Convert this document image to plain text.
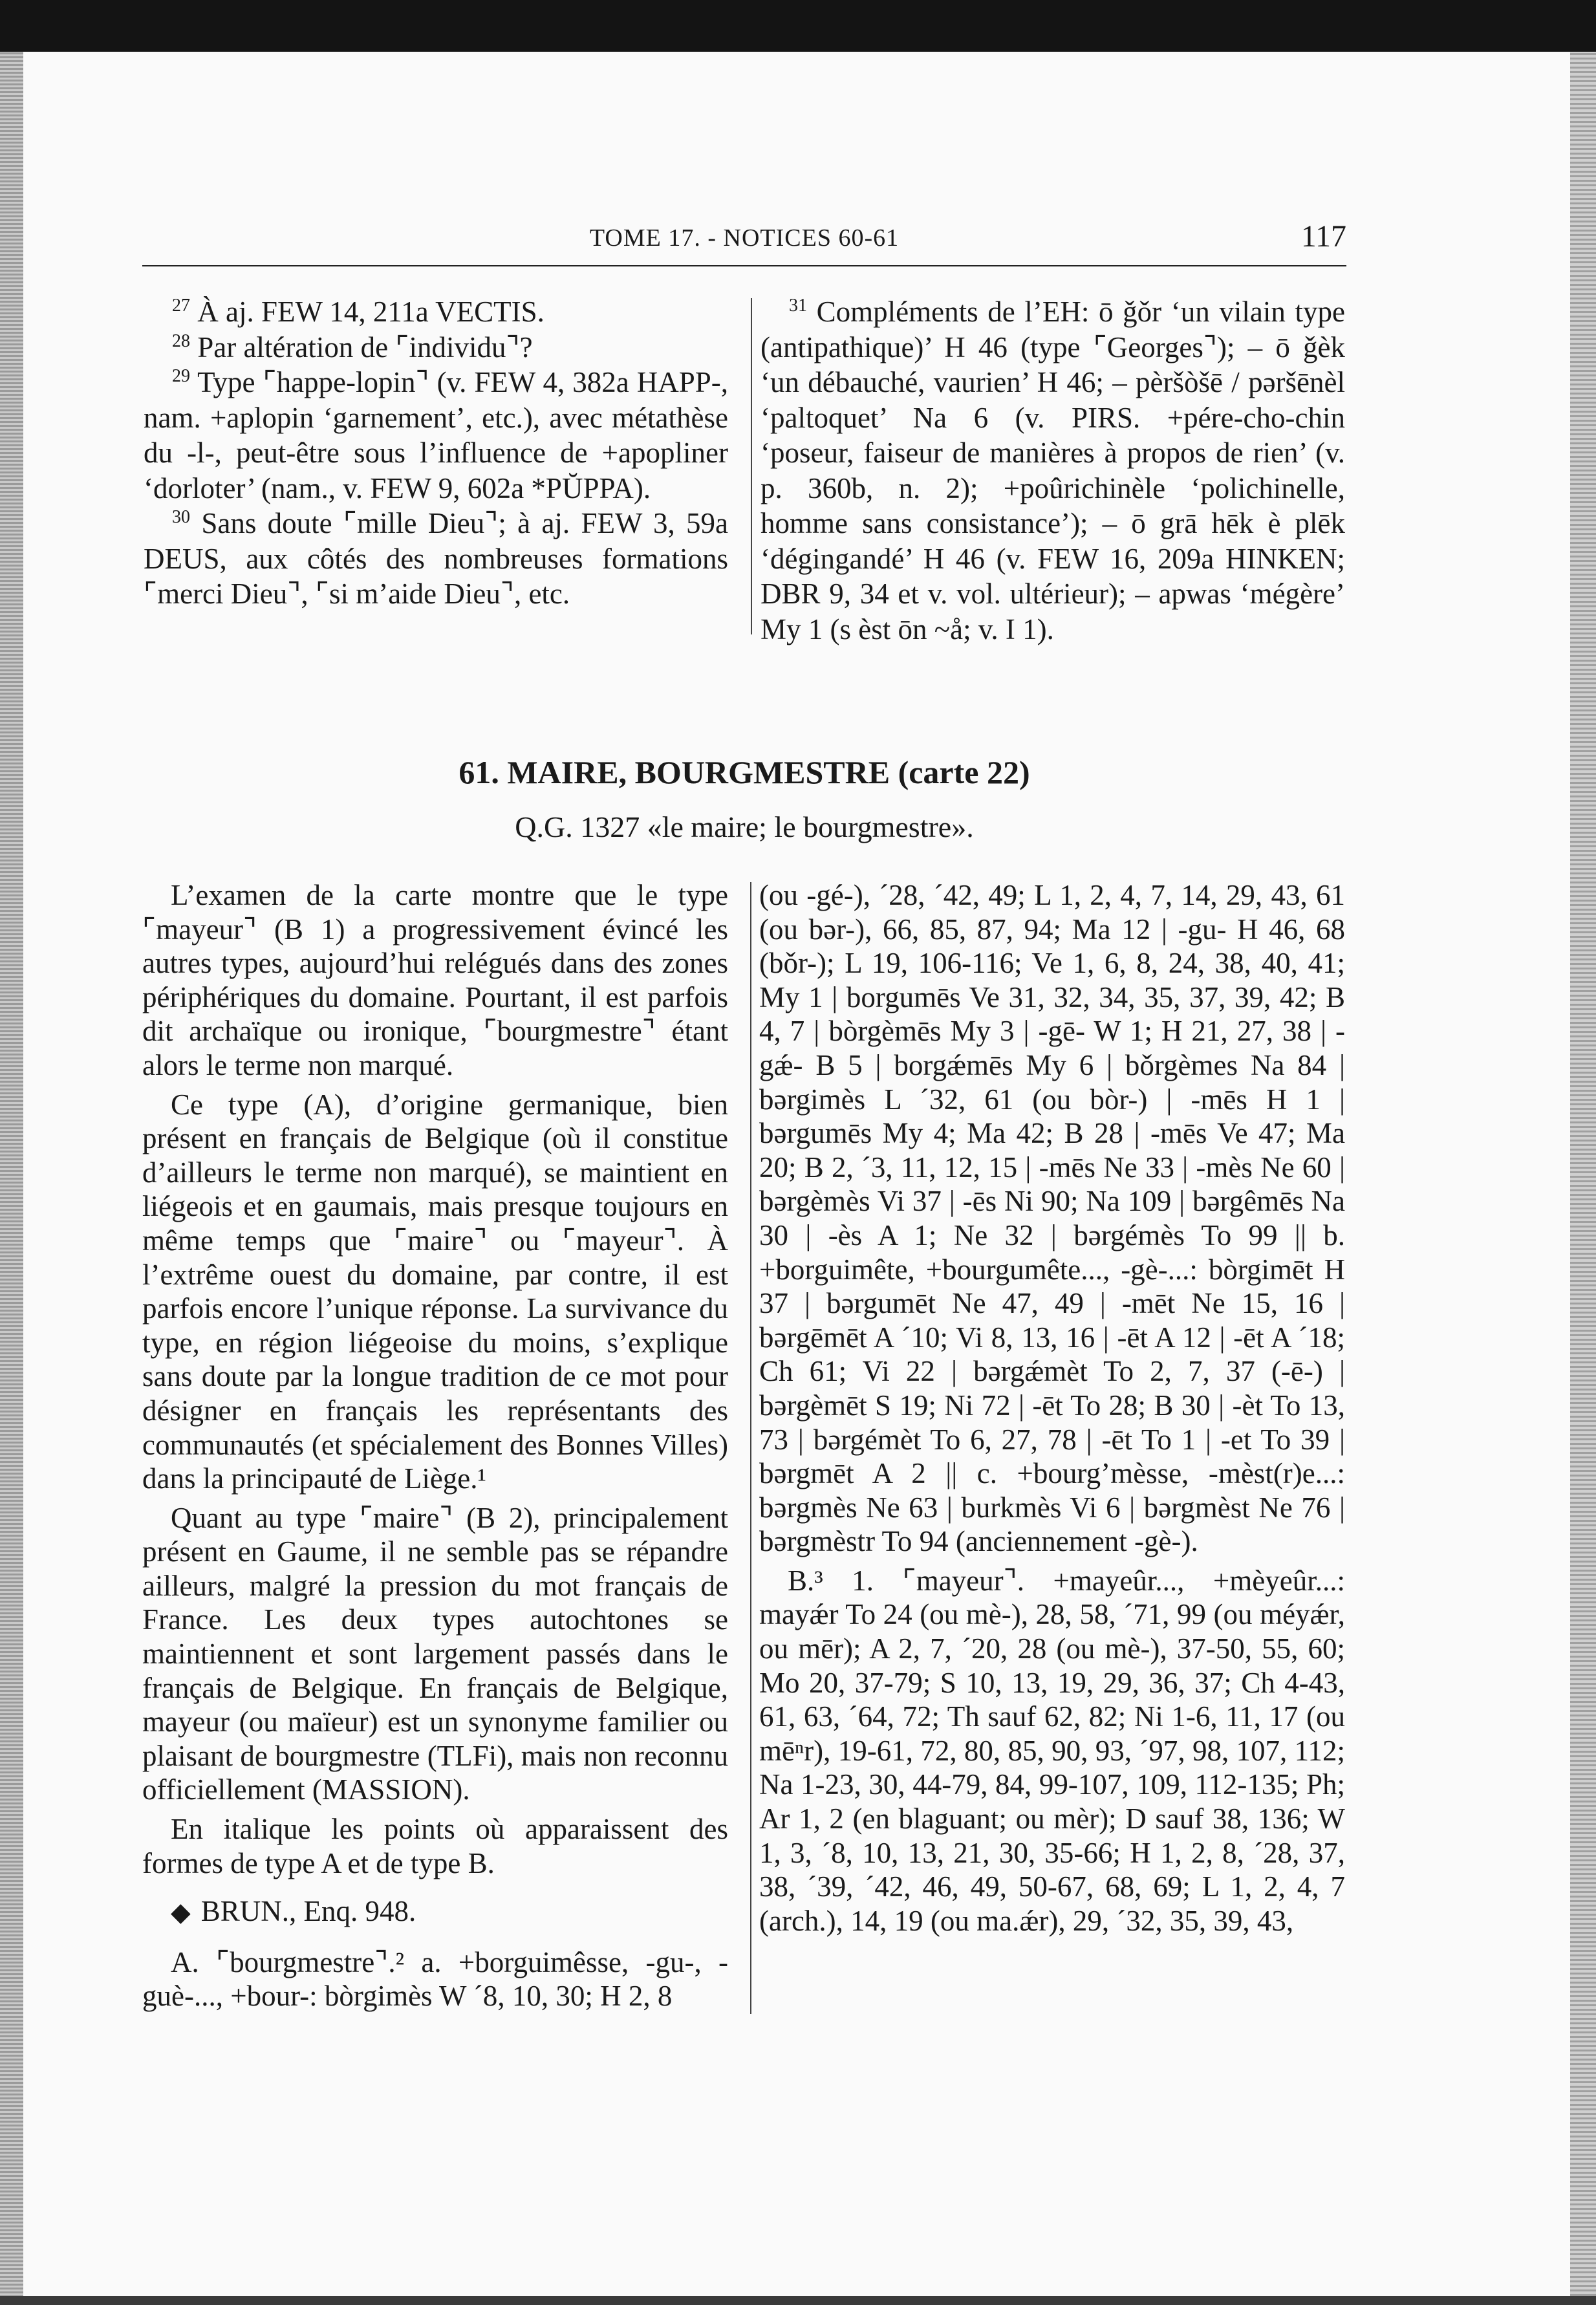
TOME 17. - NOTICES 60-61	117

$^{27}$ À aj. FEW 14, 211a VECTIS.

$^{28}$ Par altération de ⌜individu⌝?

$^{29}$ Type ⌜happe-lopin⌝ (v. FEW 4, 382a HAPP-, nam. +aplopin ‘garnement’, etc.), avec métathèse du -l-, peut-être sous l’influence de +apopliner ‘dorloter’ (nam., v. FEW 9, 602a *PŬPPA).

$^{30}$ Sans doute ⌜mille Dieu⌝; à aj. FEW 3, 59a DEUS, aux côtés des nombreuses formations ⌜merci Dieu⌝, ⌜si m’aide Dieu⌝, etc.

$^{31}$ Compléments de l’EH: ō ǧǒr ‘un vilain type (antipathique)’ H 46 (type ⌜Georges⌝); – ō ǧèk ‘un débauché, vaurien’ H 46; – pèršòšē / pəršēnèl ‘paltoquet’ Na 6 (v. PIRS. +pére-cho-chin ‘poseur, faiseur de manières à propos de rien’ (v. p. 360b, n. 2); +poûrichinèle ‘polichinelle, homme sans consistance’); – ō grā hēk è plēk ‘dégingandé’ H 46 (v. FEW 16, 209a HINKEN; DBR 9, 34 et v. vol. ultérieur); – apwas ‘mégère’ My 1 (s èst ōn ~å; v. I 1).

61. MAIRE, BOURGMESTRE (carte 22)
Q.G. 1327 «le maire; le bourgmestre».

L’examen de la carte montre que le type ⌜mayeur⌝ (B 1) a progressivement évincé les autres types, aujourd’hui relégués dans des zones périphériques du domaine. Pourtant, il est parfois dit archaïque ou ironique, ⌜bourgmestre⌝ étant alors le terme non marqué.

Ce type (A), d’origine germanique, bien présent en français de Belgique (où il constitue d’ailleurs le terme non marqué), se maintient en liégeois et en gaumais, mais presque toujours en même temps que ⌜maire⌝ ou ⌜mayeur⌝. À l’extrême ouest du domaine, par contre, il est parfois encore l’unique réponse. La survivance du type, en région liégeoise du moins, s’explique sans doute par la longue tradition de ce mot pour désigner en français les représentants des communautés (et spécialement des Bonnes Villes) dans la principauté de Liège.¹

Quant au type ⌜maire⌝ (B 2), principalement présent en Gaume, il ne semble pas se répandre ailleurs, malgré la pression du mot français de France. Les deux types autochtones se maintiennent et sont largement passés dans le français de Belgique. En français de Belgique, mayeur (ou maïeur) est un synonyme familier ou plaisant de bourgmestre (TLFi), mais non reconnu officiellement (MASSION).

En italique les points où apparaissent des formes de type A et de type B.

◆ BRUN., Enq. 948.

A. ⌜bourgmestre⌝.² a. +borguimêsse, -gu-, -guè-..., +bour-: bòrgimès W ´8, 10, 30; H 2, 8

(ou -gé-), ´28, ´42, 49; L 1, 2, 4, 7, 14, 29, 43, 61 (ou bər-), 66, 85, 87, 94; Ma 12 | -gu- H 46, 68 (bǒr-); L 19, 106-116; Ve 1, 6, 8, 24, 38, 40, 41; My 1 | borgumēs Ve 31, 32, 34, 35, 37, 39, 42; B 4, 7 | bòrgèmēs My 3 | -gē- W 1; H 21, 27, 38 | -gǽ- B 5 | borgǽmēs My 6 | bǒrgèmes Na 84 | bərgimès L ´32, 61 (ou bòr-) | -mēs H 1 | bərgumēs My 4; Ma 42; B 28 | -mēs Ve 47; Ma 20; B 2, ´3, 11, 12, 15 | -mēs Ne 33 | -mès Ne 60 | bərgèmès Vi 37 | -ēs Ni 90; Na 109 | bərgêmēs Na 30 | -ès A 1; Ne 32 | bərgémès To 99 || b. +borguimête, +bourgumête..., -gè-...: bòrgimēt H 37 | bərgumēt Ne 47, 49 | -mēt Ne 15, 16 | bərgēmēt A ´10; Vi 8, 13, 16 | -ēt A 12 | -ēt A ´18; Ch 61; Vi 22 | bərgǽmèt To 2, 7, 37 (-ē-) | bərgèmēt S 19; Ni 72 | -ēt To 28; B 30 | -èt To 13, 73 | bərgémèt To 6, 27, 78 | -ēt To 1 | -et To 39 | bərgmēt A 2 || c. +bourg’mèsse, -mèst(r)e...: bərgmès Ne 63 | burkmès Vi 6 | bərgmèst Ne 76 | bərgmèstr To 94 (anciennement -gè-).

B.³ 1. ⌜mayeur⌝. +mayeûr..., +mèyeûr...: mayǽr To 24 (ou mè-), 28, 58, ´71, 99 (ou méyǽr, ou mēr); A 2, 7, ´20, 28 (ou mè-), 37-50, 55, 60; Mo 20, 37-79; S 10, 13, 19, 29, 36, 37; Ch 4-43, 61, 63, ´64, 72; Th sauf 62, 82; Ni 1-6, 11, 17 (ou mēⁿr), 19-61, 72, 80, 85, 90, 93, ´97, 98, 107, 112; Na 1-23, 30, 44-79, 84, 99-107, 109, 112-135; Ph; Ar 1, 2 (en blaguant; ou mèr); D sauf 38, 136; W 1, 3, ´8, 10, 13, 21, 30, 35-66; H 1, 2, 8, ´28, 37, 38, ´39, ´42, 46, 49, 50-67, 68, 69; L 1, 2, 4, 7 (arch.), 14, 19 (ou ma.ǽr), 29, ´32, 35, 39, 43,
